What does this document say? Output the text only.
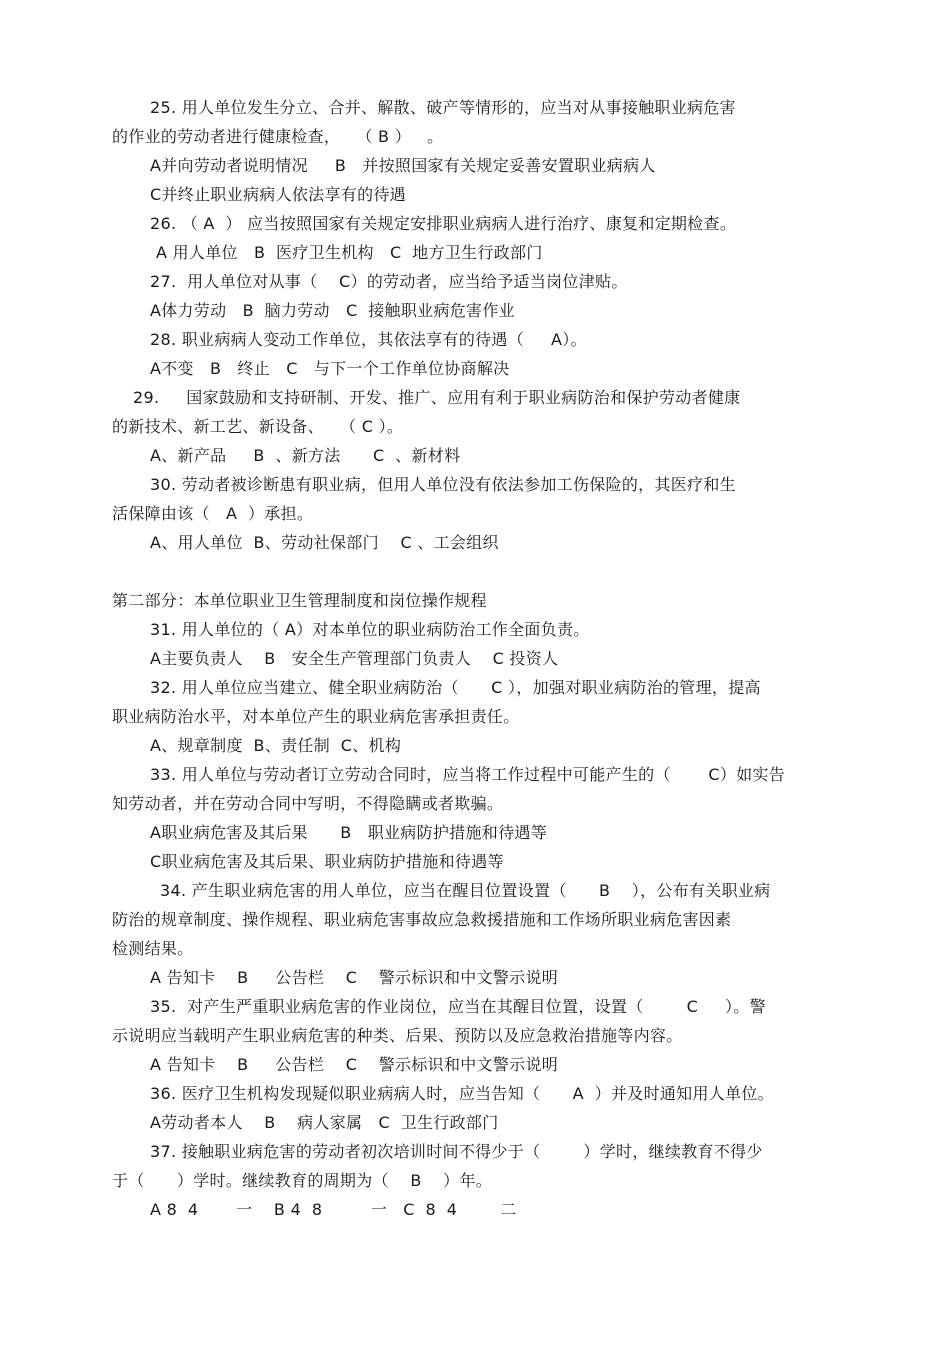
25. 用人单位发生分立、合并、解散、破产等情形的，应当对从事接触职业病危害
的作业的劳动者进行健康检查，   （ B ）   。
A并向劳动者说明情况     B   并按照国家有关规定妥善安置职业病病人
C并终止职业病病人依法享有的待遇
26. （ A  ） 应当按照国家有关规定安排职业病病人进行治疗、康复和定期检查。
A 用人单位   B  医疗卫生机构   C  地方卫生行政部门
27.  用人单位对从事（    C）的劳动者，应当给予适当岗位津贴。
A体力劳动   B  脑力劳动   C  接触职业病危害作业
28. 职业病病人变动工作单位，其依法享有的待遇（     A）。
A不变   B   终止   C   与下一个工作单位协商解决
29.     国家鼓励和支持研制、开发、推广、应用有利于职业病防治和保护劳动者健康
的新技术、新工艺、新设备、   （ C ）。
A、新产品     B  、新方法      C  、新材料
30. 劳动者被诊断患有职业病，但用人单位没有依法参加工伤保险的，其医疗和生
活保障由该（   A  ）承担。
A、用人单位  B、劳动社保部门    C 、工会组织
第二部分：本单位职业卫生管理制度和岗位操作规程
31. 用人单位的（ A）对本单位的职业病防治工作全面负责。
A主要负责人    B   安全生产管理部门负责人    C 投资人
32. 用人单位应当建立、健全职业病防治（      C ），加强对职业病防治的管理，提高
职业病防治水平，对本单位产生的职业病危害承担责任。
A、规章制度  B、责任制  C、机构
33. 用人单位与劳动者订立劳动合同时，应当将工作过程中可能产生的（       C）如实告
知劳动者，并在劳动合同中写明，不得隐瞒或者欺骗。
A职业病危害及其后果      B   职业病防护措施和待遇等
C职业病危害及其后果、职业病防护措施和待遇等
34. 产生职业病危害的用人单位，应当在醒目位置设置（      B    ），公布有关职业病
防治的规章制度、操作规程、职业病危害事故应急救援措施和工作场所职业病危害因素
检测结果。
A 告知卡    B     公告栏    C    警示标识和中文警示说明
35.  对产生严重职业病危害的作业岗位，应当在其醒目位置，设置（        C     ）。警
示说明应当载明产生职业病危害的种类、后果、预防以及应急救治措施等内容。
A 告知卡    B     公告栏    C    警示标识和中文警示说明
36. 医疗卫生机构发现疑似职业病病人时，应当告知（      A  ）并及时通知用人单位。
A劳动者本人    B    病人家属   C  卫生行政部门
37. 接触职业病危害的劳动者初次培训时间不得少于（        ）学时，继续教育不得少
于（      ）学时。继续教育的周期为（    B    ）年。
A 8  4       一    B 4  8         一   C  8  4        二
